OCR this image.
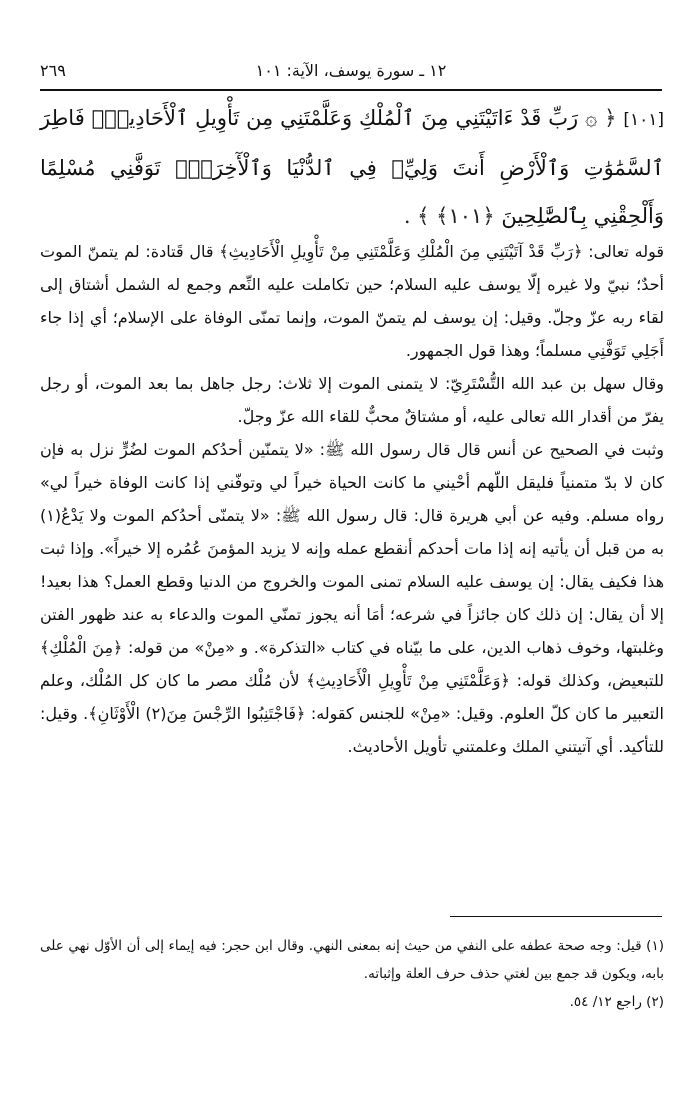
١٢ ـ سورة يوسف، الآية: ١٠١
٢٦٩
[١٠١] ﴿ ۞ رَبِّ قَدْ ءَاتَيْتَنِي مِنَ ٱلْمُلْكِ وَعَلَّمْتَنِي مِن تَأْوِيلِ ٱلْأَحَادِيثِۚ فَاطِرَ ٱلسَّمَٰوَٰتِ وَٱلْأَرْضِ أَنتَ وَلِيِّۦ فِي ٱلدُّنْيَا وَٱلْأٓخِرَةِۖ تَوَفَّنِي مُسْلِمًا وَأَلْحِقْنِي بِٱلصَّٰلِحِينَ ﴿١٠١﴾ ﴾ .

قوله تعالى: ﴿رَبِّ قَدْ آتَيْتَنِي مِنَ الْمُلْكِ وَعَلَّمْتَنِي مِنْ تَأْوِيلِ الْأَحَادِيثِ﴾ قال قَتادة: لم يتمنّ الموت أحدٌ؛ نبيّ ولا غيره إلّا يوسف عليه السلام؛ حين تكاملت عليه النِّعم وجمع له الشمل أشتاق إلى لقاء ربه عزّ وجلّ. وقيل: إن يوسف لم يتمنّ الموت، وإنما تمنّى الوفاة على الإسلام؛ أي إذا جاء أَجَلِي تَوَفَّنِي مسلماً؛ وهذا قول الجمهور.

وقال سهل بن عبد الله التُّسْتَرِيّ: لا يتمنى الموت إلا ثلاث: رجل جاهل بما بعد الموت، أو رجل يفرّ من أقدار الله تعالى عليه، أو مشتاقٌ محبٌّ للقاء الله عزّ وجلّ.

وثبت في الصحيح عن أنس قال قال رسول الله ﷺ: «لا يتمنّين أحدُكم الموت لضُرٍّ نزل به فإن كان لا بدّ متمنياً فليقل اللّهم أحْيني ما كانت الحياة خيراً لي وتوفّني إذا كانت الوفاة خيراً لي» رواه مسلم. وفيه عن أبي هريرة قال: قال رسول الله ﷺ: «لا يتمنّى أحدُكم الموت ولا يَدْعُ(١) به من قبل أن يأتيه إنه إذا مات أحدكم أنقطع عمله وإنه لا يزيد المؤمنَ عُمُره إلا خيراً». وإذا ثبت هذا فكيف يقال: إن يوسف عليه السلام تمنى الموت والخروج من الدنيا وقطع العمل؟ هذا بعيد! إلا أن يقال: إن ذلك كان جائزاً في شرعه؛ أمَا أنه يجوز تمنّي الموت والدعاء به عند ظهور الفتن وغلبتها، وخوف ذهاب الدين، على ما بيّناه في كتاب «التذكرة». و «مِنْ» من قوله: ﴿مِنَ الْمُلْكِ﴾ للتبعيض، وكذلك قوله: ﴿وَعَلَّمْتَنِي مِنْ تَأْوِيلِ الْأَحَادِيثِ﴾ لأن مُلْك مصر ما كان كل المُلْك، وعلم التعبير ما كان كلّ العلوم. وقيل: «مِنْ» للجنس كقوله: ﴿فَاجْتَنِبُوا الرِّجْسَ مِنَ(٢) الْأَوْثَانِ﴾. وقيل: للتأكيد. أي آتيتني الملك وعلمتني تأويل الأحاديث.

(١) قيل: وجه صحة عطفه على النفي من حيث إنه بمعنى النهي. وقال ابن حجر: فيه إيماء إلى أن الأوّل نهي على بابه، ويكون قد جمع بين لغتي حذف حرف العلة وإثباته.

(٢) راجع ١٢/ ٥٤.
